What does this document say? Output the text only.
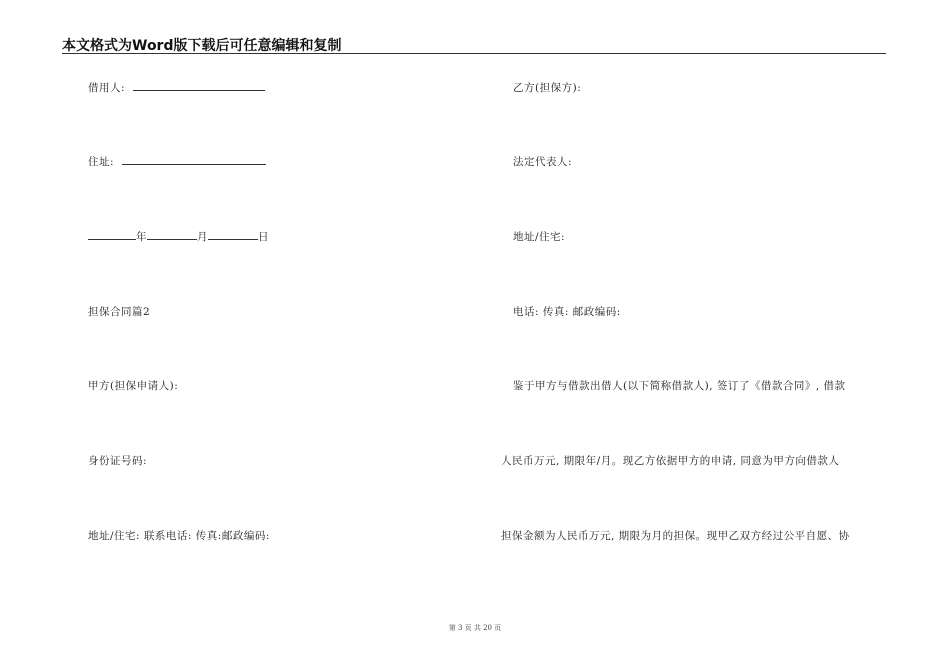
本文格式为Word版下载后可任意编辑和复制
借用人:
住址:
年	月	日
担保合同篇2
甲方(担保申请人):
身份证号码:
地址/住宅: 联系电话: 传真:邮政编码:
乙方(担保方):
法定代表人:
地址/住宅:
电话: 传真: 邮政编码:
鉴于甲方与借款出借人(以下简称借款人), 签订了《借款合同》, 借款
人民币万元, 期限年/月。现乙方依据甲方的申请, 同意为甲方向借款人
担保金额为人民币万元, 期限为月的担保。现甲乙双方经过公平自愿、协
第 3 页 共 20 页
